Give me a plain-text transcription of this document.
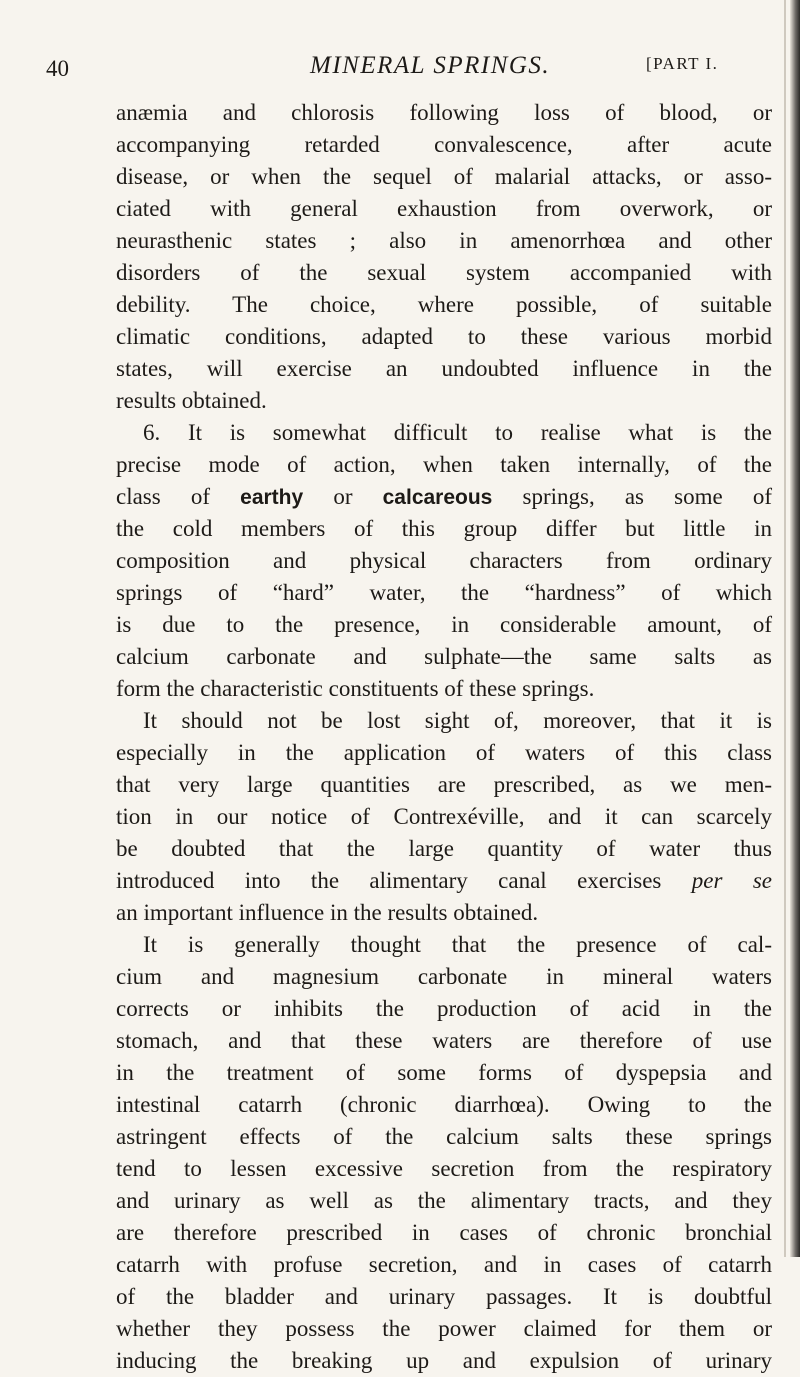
40	MINERAL SPRINGS.	[PART I.
anæmia and chlorosis following loss of blood, or
accompanying retarded convalescence, after acute
disease, or when the sequel of malarial attacks, or asso-
ciated with general exhaustion from overwork, or
neurasthenic states ; also in amenorrhœa and other
disorders of the sexual system accompanied with
debility. The choice, where possible, of suitable
climatic conditions, adapted to these various morbid
states, will exercise an undoubted influence in the
results obtained.
6. It is somewhat difficult to realise what is the
precise mode of action, when taken internally, of the
class of earthy or calcareous springs, as some of
the cold members of this group differ but little in
composition and physical characters from ordinary
springs of “hard” water, the “hardness” of which
is due to the presence, in considerable amount, of
calcium carbonate and sulphate—the same salts as
form the characteristic constituents of these springs.
It should not be lost sight of, moreover, that it is
especially in the application of waters of this class
that very large quantities are prescribed, as we men-
tion in our notice of Contrexéville, and it can scarcely
be doubted that the large quantity of water thus
introduced into the alimentary canal exercises per se
an important influence in the results obtained.
It is generally thought that the presence of cal-
cium and magnesium carbonate in mineral waters
corrects or inhibits the production of acid in the
stomach, and that these waters are therefore of use
in the treatment of some forms of dyspepsia and
intestinal catarrh (chronic diarrhœa). Owing to the
astringent effects of the calcium salts these springs
tend to lessen excessive secretion from the respiratory
and urinary as well as the alimentary tracts, and they
are therefore prescribed in cases of chronic bronchial
catarrh with profuse secretion, and in cases of catarrh
of the bladder and urinary passages. It is doubtful
whether they possess the power claimed for them or
inducing the breaking up and expulsion of urinary
